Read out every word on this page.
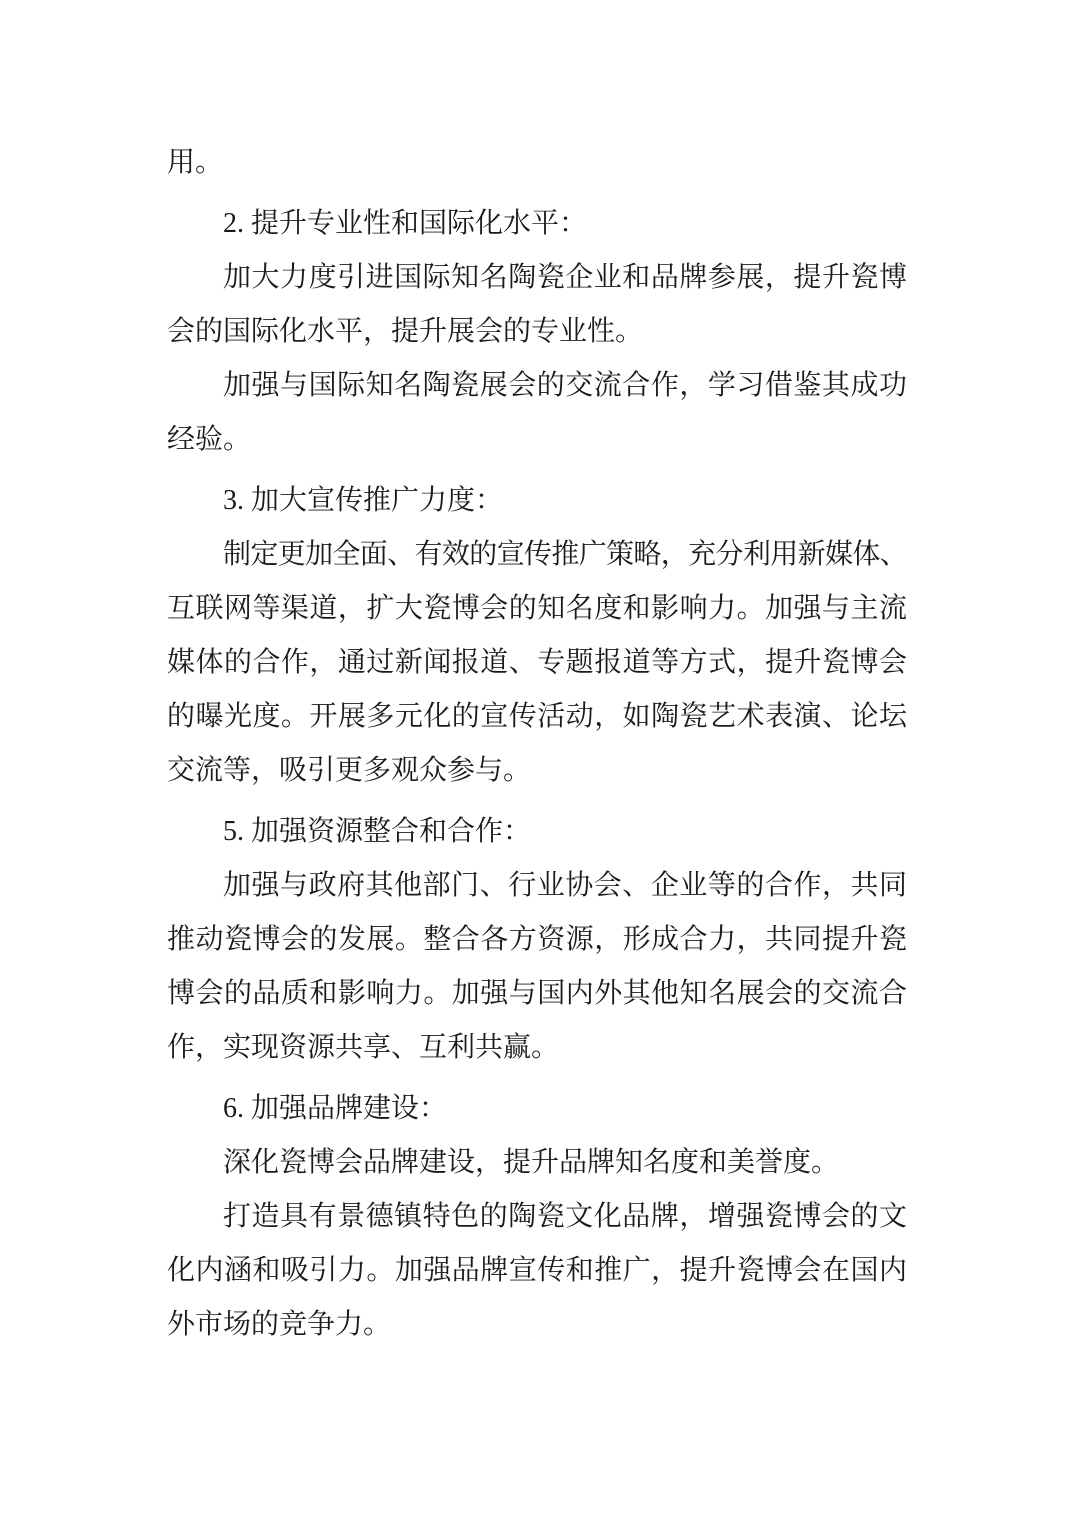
用。

2. 提升专业性和国际化水平：

加大力度引进国际知名陶瓷企业和品牌参展，提升瓷博
会的国际化水平，提升展会的专业性。

加强与国际知名陶瓷展会的交流合作，学习借鉴其成功
经验。

3. 加大宣传推广力度：

制定更加全面、有效的宣传推广策略，充分利用新媒体、
互联网等渠道，扩大瓷博会的知名度和影响力。加强与主流
媒体的合作，通过新闻报道、专题报道等方式，提升瓷博会
的曝光度。开展多元化的宣传活动，如陶瓷艺术表演、论坛
交流等，吸引更多观众参与。

5. 加强资源整合和合作：

加强与政府其他部门、行业协会、企业等的合作，共同
推动瓷博会的发展。整合各方资源，形成合力，共同提升瓷
博会的品质和影响力。加强与国内外其他知名展会的交流合
作，实现资源共享、互利共赢。

6. 加强品牌建设：

深化瓷博会品牌建设，提升品牌知名度和美誉度。

打造具有景德镇特色的陶瓷文化品牌，增强瓷博会的文
化内涵和吸引力。加强品牌宣传和推广，提升瓷博会在国内
外市场的竞争力。
